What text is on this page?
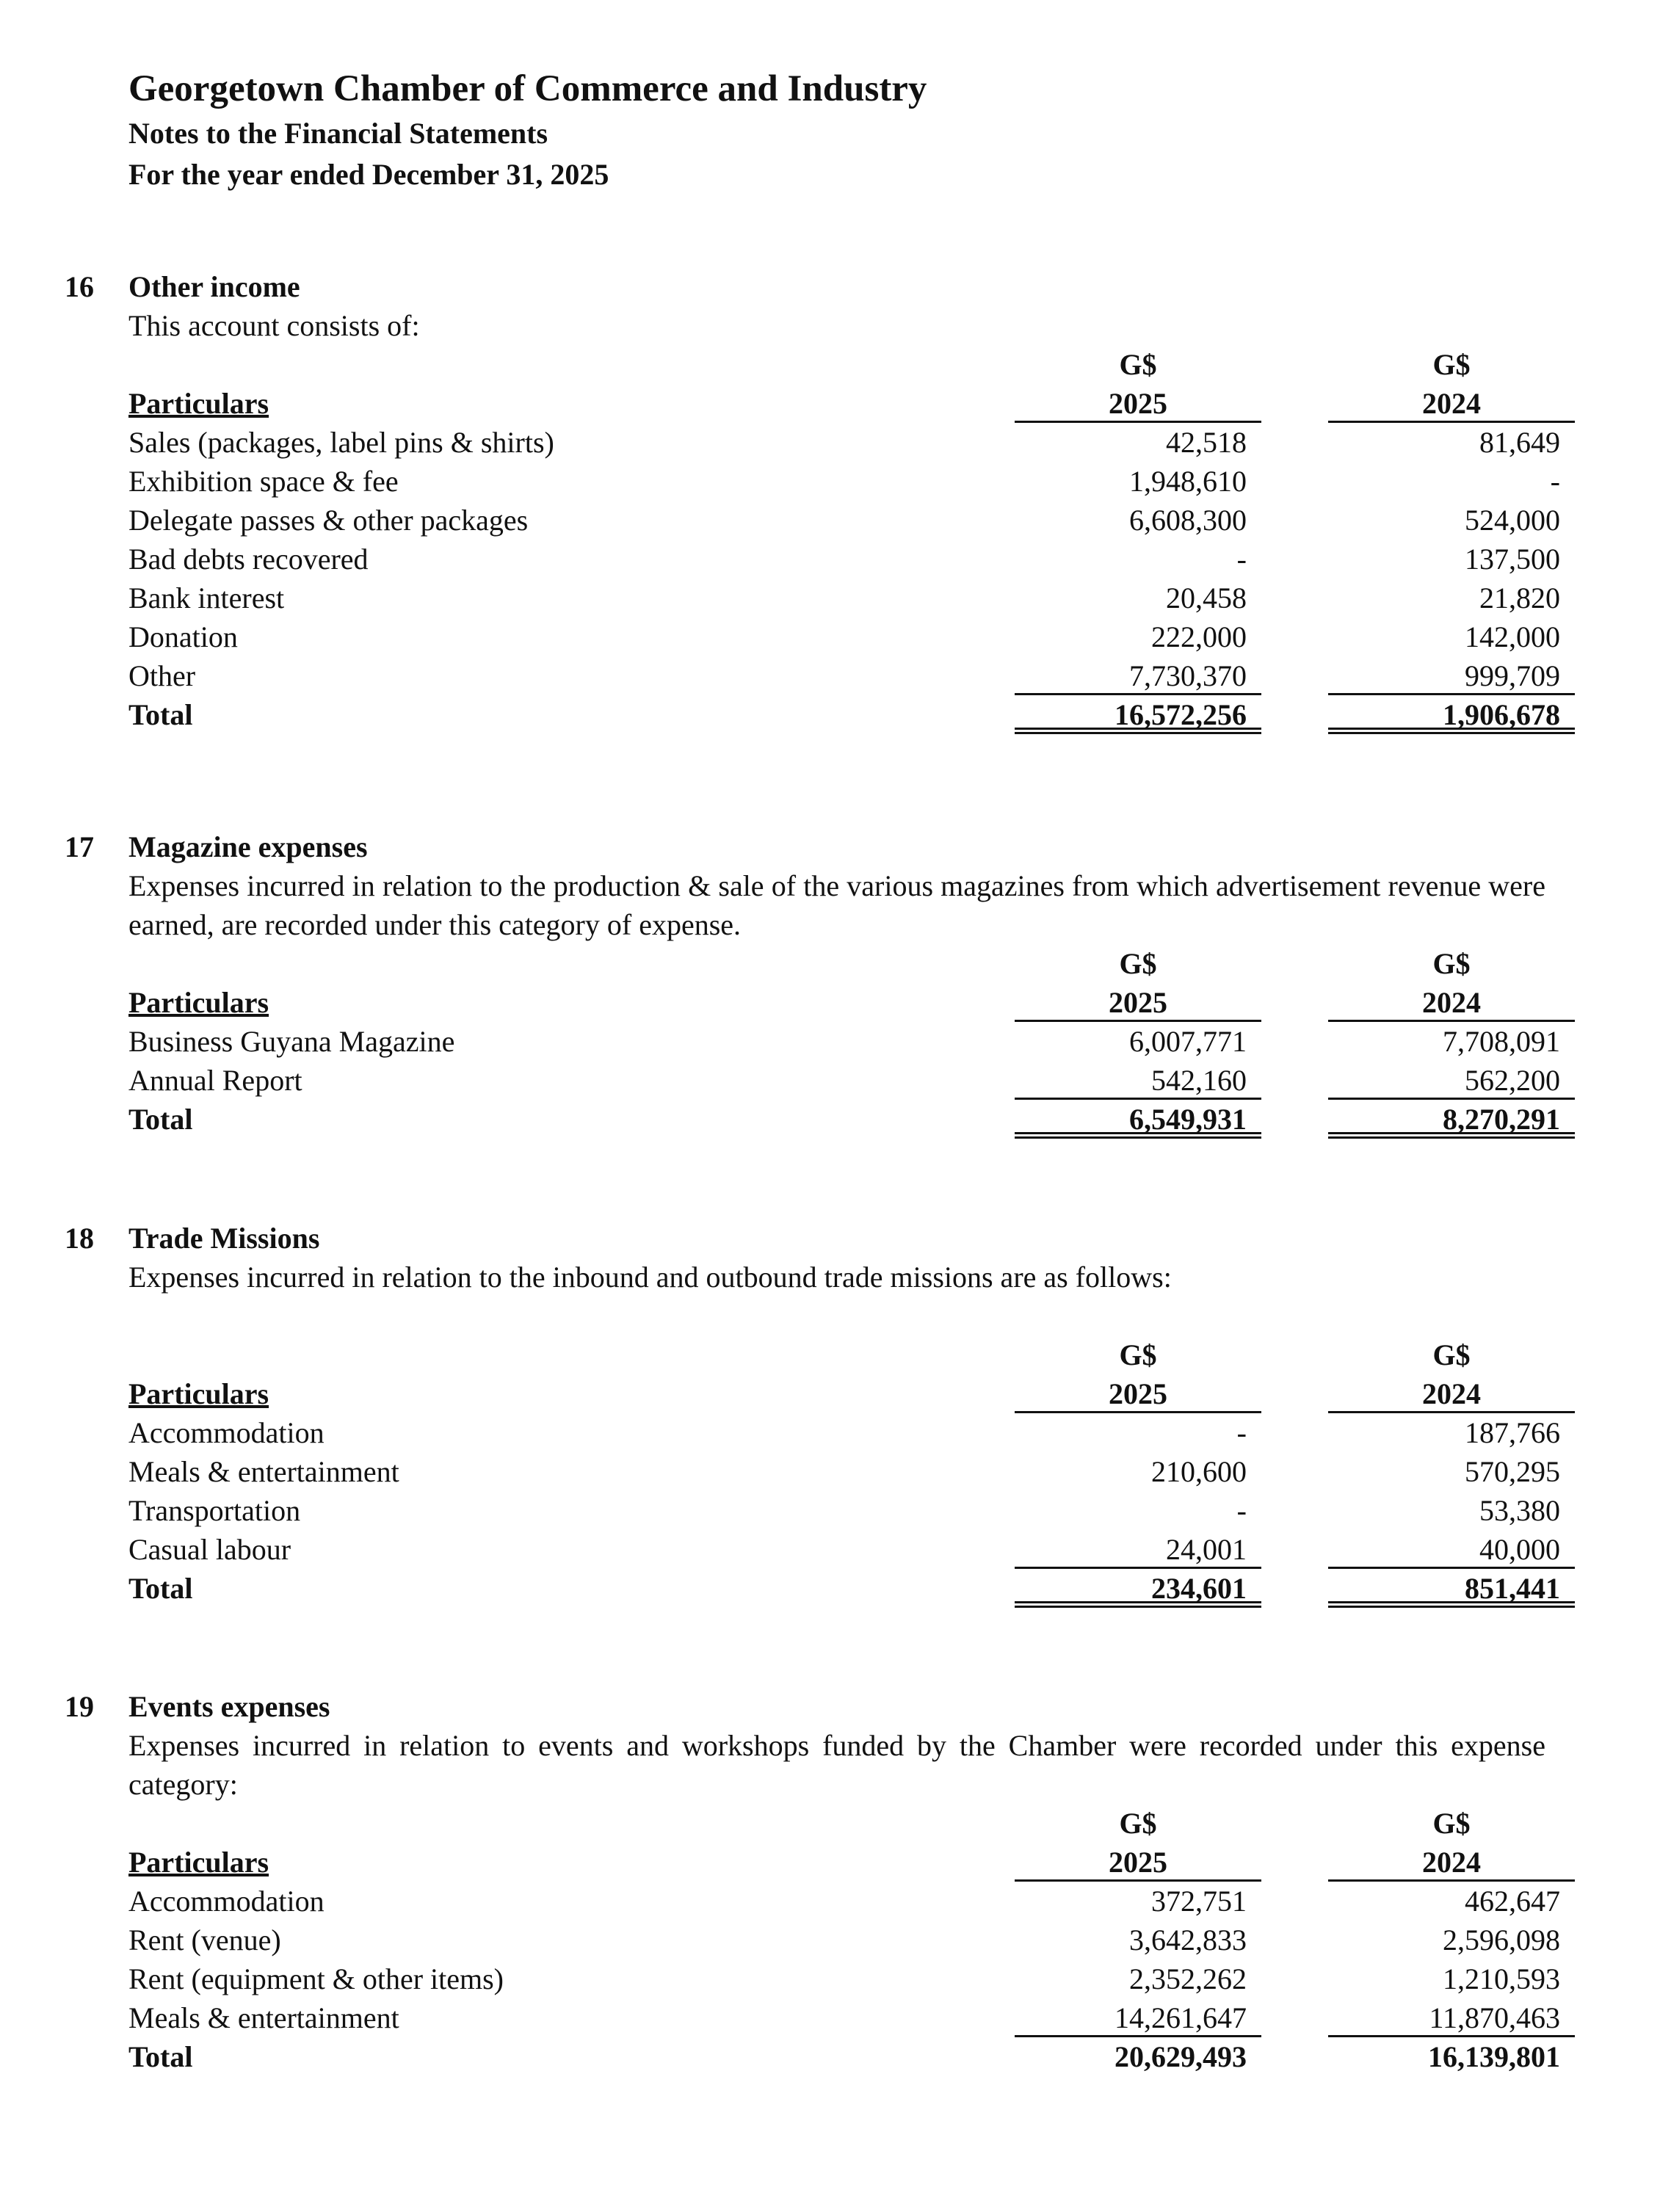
Georgetown Chamber of Commerce and Industry
Notes to the Financial Statements
For the year ended December 31, 2025
16 Other income
This account consists of:
G$	G$
Particulars	2025	2024
Sales (packages, label pins & shirts)	42,518	81,649
Exhibition space & fee	1,948,610	-
Delegate passes & other packages	6,608,300	524,000
Bad debts recovered	-	137,500
Bank interest	20,458	21,820
Donation	222,000	142,000
Other	7,730,370	999,709
Total	16,572,256	1,906,678
17 Magazine expenses
Expenses incurred in relation to the production & sale of the various magazines from which advertisement revenue were earned, are recorded under this category of expense.
G$	G$
Particulars	2025	2024
Business Guyana Magazine	6,007,771	7,708,091
Annual Report	542,160	562,200
Total	6,549,931	8,270,291
18 Trade Missions
Expenses incurred in relation to the inbound and outbound trade missions are as follows:
G$	G$
Particulars	2025	2024
Accommodation	-	187,766
Meals & entertainment	210,600	570,295
Transportation	-	53,380
Casual labour	24,001	40,000
Total	234,601	851,441
19 Events expenses
Expenses incurred in relation to events and workshops funded by the Chamber were recorded under this expense category:
G$	G$
Particulars	2025	2024
Accommodation	372,751	462,647
Rent (venue)	3,642,833	2,596,098
Rent (equipment & other items)	2,352,262	1,210,593
Meals & entertainment	14,261,647	11,870,463
Total	20,629,493	16,139,801
